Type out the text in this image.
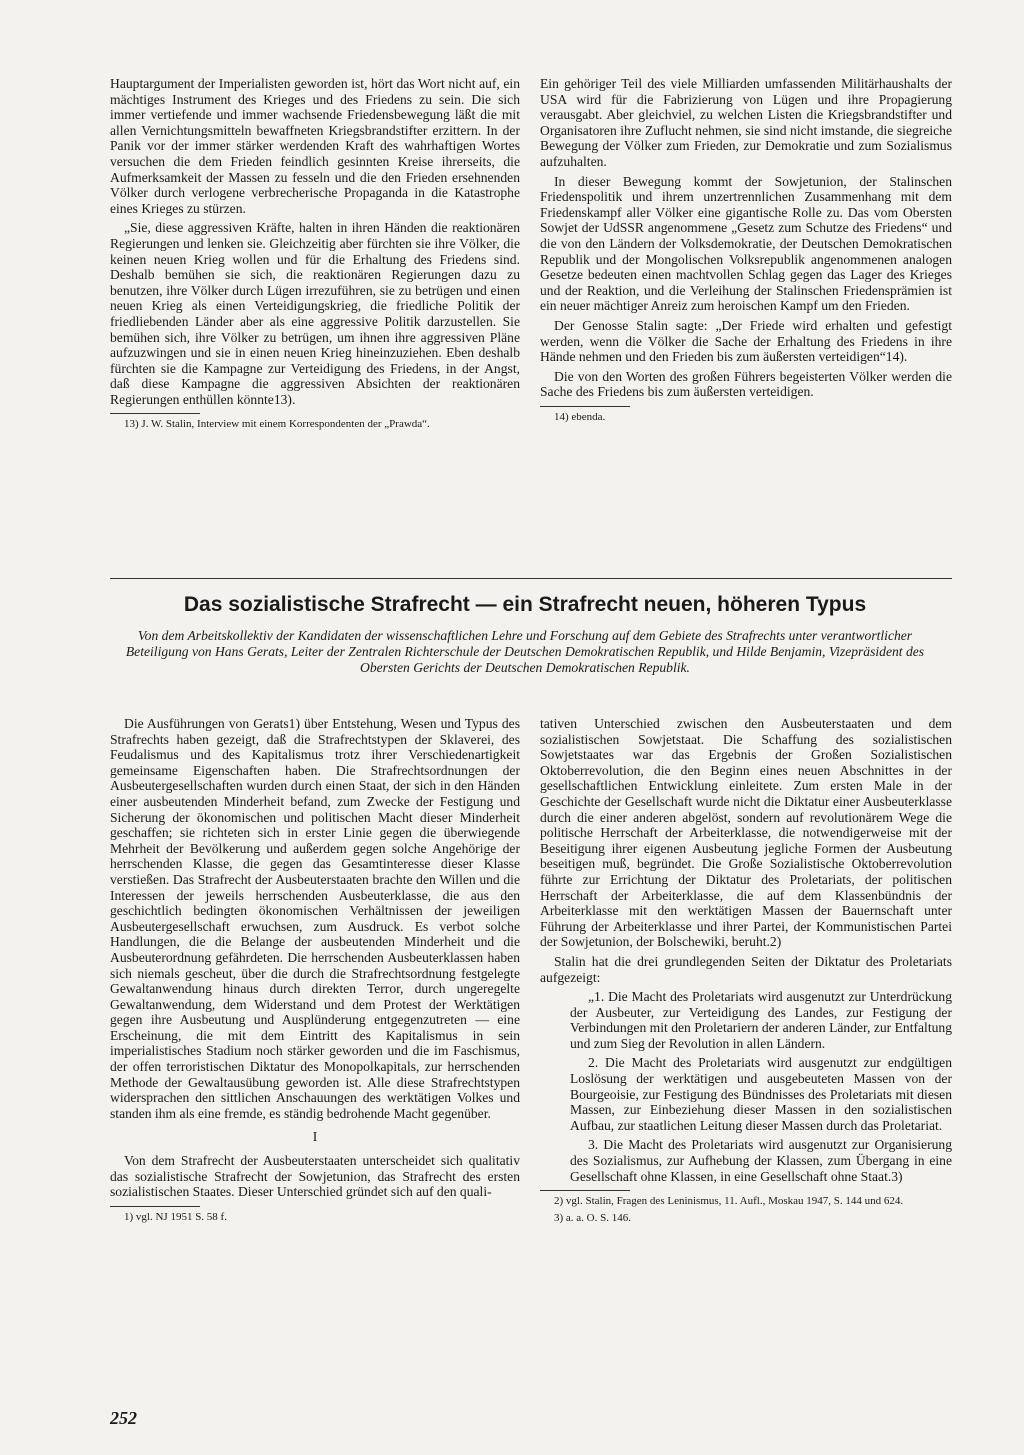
Hauptargument der Imperialisten geworden ist, hört das Wort nicht auf, ein mächtiges Instrument des Krieges und des Friedens zu sein. Die sich immer vertiefende und immer wachsende Friedensbewegung läßt die mit allen Vernichtungsmitteln bewaffneten Kriegsbrandstifter erzittern. In der Panik vor der immer stärker werdenden Kraft des wahrhaftigen Wortes versuchen die dem Frieden feindlich gesinnten Kreise ihrerseits, die Aufmerksamkeit der Massen zu fesseln und die den Frieden ersehnenden Völker durch verlogene verbrecherische Propaganda in die Katastrophe eines Krieges zu stürzen.

„Sie, diese aggressiven Kräfte, halten in ihren Händen die reaktionären Regierungen und lenken sie. Gleichzeitig aber fürchten sie ihre Völker, die keinen neuen Krieg wollen und für die Erhaltung des Friedens sind. Deshalb bemühen sie sich, die reaktionären Regierungen dazu zu benutzen, ihre Völker durch Lügen irrezuführen, sie zu betrügen und einen neuen Krieg als einen Verteidigungskrieg, die friedliche Politik der friedliebenden Länder aber als eine aggressive Politik darzustellen. Sie bemühen sich, ihre Völker zu betrügen, um ihnen ihre aggressiven Pläne aufzuzwingen und sie in einen neuen Krieg hineinzuziehen. Eben deshalb fürchten sie die Kampagne zur Verteidigung des Friedens, in der Angst, daß diese Kampagne die aggressiven Absichten der reaktionären Regierungen enthüllen könnte13).

13) J. W. Stalin, Interview mit einem Korrespondenten der „Prawda“.

Ein gehöriger Teil des viele Milliarden umfassenden Militärhaushalts der USA wird für die Fabrizierung von Lügen und ihre Propagierung verausgabt. Aber gleichviel, zu welchen Listen die Kriegsbrandstifter und Organisatoren ihre Zuflucht nehmen, sie sind nicht imstande, die siegreiche Bewegung der Völker zum Frieden, zur Demokratie und zum Sozialismus aufzuhalten.

In dieser Bewegung kommt der Sowjetunion, der Stalinschen Friedenspolitik und ihrem unzertrennlichen Zusammenhang mit dem Friedenskampf aller Völker eine gigantische Rolle zu. Das vom Obersten Sowjet der UdSSR angenommene „Gesetz zum Schutze des Friedens“ und die von den Ländern der Volksdemokratie, der Deutschen Demokratischen Republik und der Mongolischen Volksrepublik angenommenen analogen Gesetze bedeuten einen machtvollen Schlag gegen das Lager des Krieges und der Reaktion, und die Verleihung der Stalinschen Friedensprämien ist ein neuer mächtiger Anreiz zum heroischen Kampf um den Frieden.

Der Genosse Stalin sagte: „Der Friede wird erhalten und gefestigt werden, wenn die Völker die Sache der Erhaltung des Friedens in ihre Hände nehmen und den Frieden bis zum äußersten verteidigen“14).

Die von den Worten des großen Führers begeisterten Völker werden die Sache des Friedens bis zum äußersten verteidigen.

14) ebenda.

Das sozialistische Strafrecht — ein Strafrecht neuen, höheren Typus
Von dem Arbeitskollektiv der Kandidaten der wissenschaftlichen Lehre und Forschung auf dem Gebiete des Strafrechts unter verantwortlicher Beteiligung von Hans Gerats, Leiter der Zentralen Richterschule der Deutschen Demokratischen Republik, und Hilde Benjamin, Vizepräsident des Obersten Gerichts der Deutschen Demokratischen Republik.

Die Ausführungen von Gerats1) über Entstehung, Wesen und Typus des Strafrechts haben gezeigt, daß die Strafrechtstypen der Sklaverei, des Feudalismus und des Kapitalismus trotz ihrer Verschiedenartigkeit gemeinsame Eigenschaften haben. Die Strafrechtsordnungen der Ausbeutergesellschaften wurden durch einen Staat, der sich in den Händen einer ausbeutenden Minderheit befand, zum Zwecke der Festigung und Sicherung der ökonomischen und politischen Macht dieser Minderheit geschaffen; sie richteten sich in erster Linie gegen die überwiegende Mehrheit der Bevölkerung und außerdem gegen solche Angehörige der herrschenden Klasse, die gegen das Gesamtinteresse dieser Klasse verstießen. Das Strafrecht der Ausbeuterstaaten brachte den Willen und die Interessen der jeweils herrschenden Ausbeuterklasse, die aus den geschichtlich bedingten ökonomischen Verhältnissen der jeweiligen Ausbeutergesellschaft erwuchsen, zum Ausdruck. Es verbot solche Handlungen, die die Belange der ausbeutenden Minderheit und die Ausbeuterordnung gefährdeten. Die herrschenden Ausbeuterklassen haben sich niemals gescheut, über die durch die Strafrechtsordnung festgelegte Gewaltanwendung hinaus durch direkten Terror, durch ungeregelte Gewaltanwendung, dem Widerstand und dem Protest der Werktätigen gegen ihre Ausbeutung und Ausplünderung entgegenzutreten — eine Erscheinung, die mit dem Eintritt des Kapitalismus in sein imperialistisches Stadium noch stärker geworden und die im Faschismus, der offen terroristischen Diktatur des Monopolkapitals, zur herrschenden Methode der Gewaltausübung geworden ist. Alle diese Strafrechtstypen widersprachen den sittlichen Anschauungen des werktätigen Volkes und standen ihm als eine fremde, es ständig bedrohende Macht gegenüber.

I

Von dem Strafrecht der Ausbeuterstaaten unterscheidet sich qualitativ das sozialistische Strafrecht der Sowjetunion, das Strafrecht des ersten sozialistischen Staates. Dieser Unterschied gründet sich auf den quali-

1) vgl. NJ 1951 S. 58 f.

tativen Unterschied zwischen den Ausbeuterstaaten und dem sozialistischen Sowjetstaat. Die Schaffung des sozialistischen Sowjetstaates war das Ergebnis der Großen Sozialistischen Oktoberrevolution, die den Beginn eines neuen Abschnittes in der gesellschaftlichen Entwicklung einleitete. Zum ersten Male in der Geschichte der Gesellschaft wurde nicht die Diktatur einer Ausbeuterklasse durch die einer anderen abgelöst, sondern auf revolutionärem Wege die politische Herrschaft der Arbeiterklasse, die notwendigerweise mit der Beseitigung ihrer eigenen Ausbeutung jegliche Formen der Ausbeutung beseitigen muß, begründet. Die Große Sozialistische Oktoberrevolution führte zur Errichtung der Diktatur des Proletariats, der politischen Herrschaft der Arbeiterklasse, die auf dem Klassenbündnis der Arbeiterklasse mit den werktätigen Massen der Bauernschaft unter Führung der Arbeiterklasse und ihrer Partei, der Kommunistischen Partei der Sowjetunion, der Bolschewiki, beruht.2)

Stalin hat die drei grundlegenden Seiten der Diktatur des Proletariats aufgezeigt:

„1. Die Macht des Proletariats wird ausgenutzt zur Unterdrückung der Ausbeuter, zur Verteidigung des Landes, zur Festigung der Verbindungen mit den Proletariern der anderen Länder, zur Entfaltung und zum Sieg der Revolution in allen Ländern.

2. Die Macht des Proletariats wird ausgenutzt zur endgültigen Loslösung der werktätigen und ausgebeuteten Massen von der Bourgeoisie, zur Festigung des Bündnisses des Proletariats mit diesen Massen, zur Einbeziehung dieser Massen in den sozialistischen Aufbau, zur staatlichen Leitung dieser Massen durch das Proletariat.

3. Die Macht des Proletariats wird ausgenutzt zur Organisierung des Sozialismus, zur Aufhebung der Klassen, zum Übergang in eine Gesellschaft ohne Klassen, in eine Gesellschaft ohne Staat.3)

2) vgl. Stalin, Fragen des Leninismus, 11. Aufl., Moskau 1947, S. 144 und 624.

3) a. a. O. S. 146.

252
